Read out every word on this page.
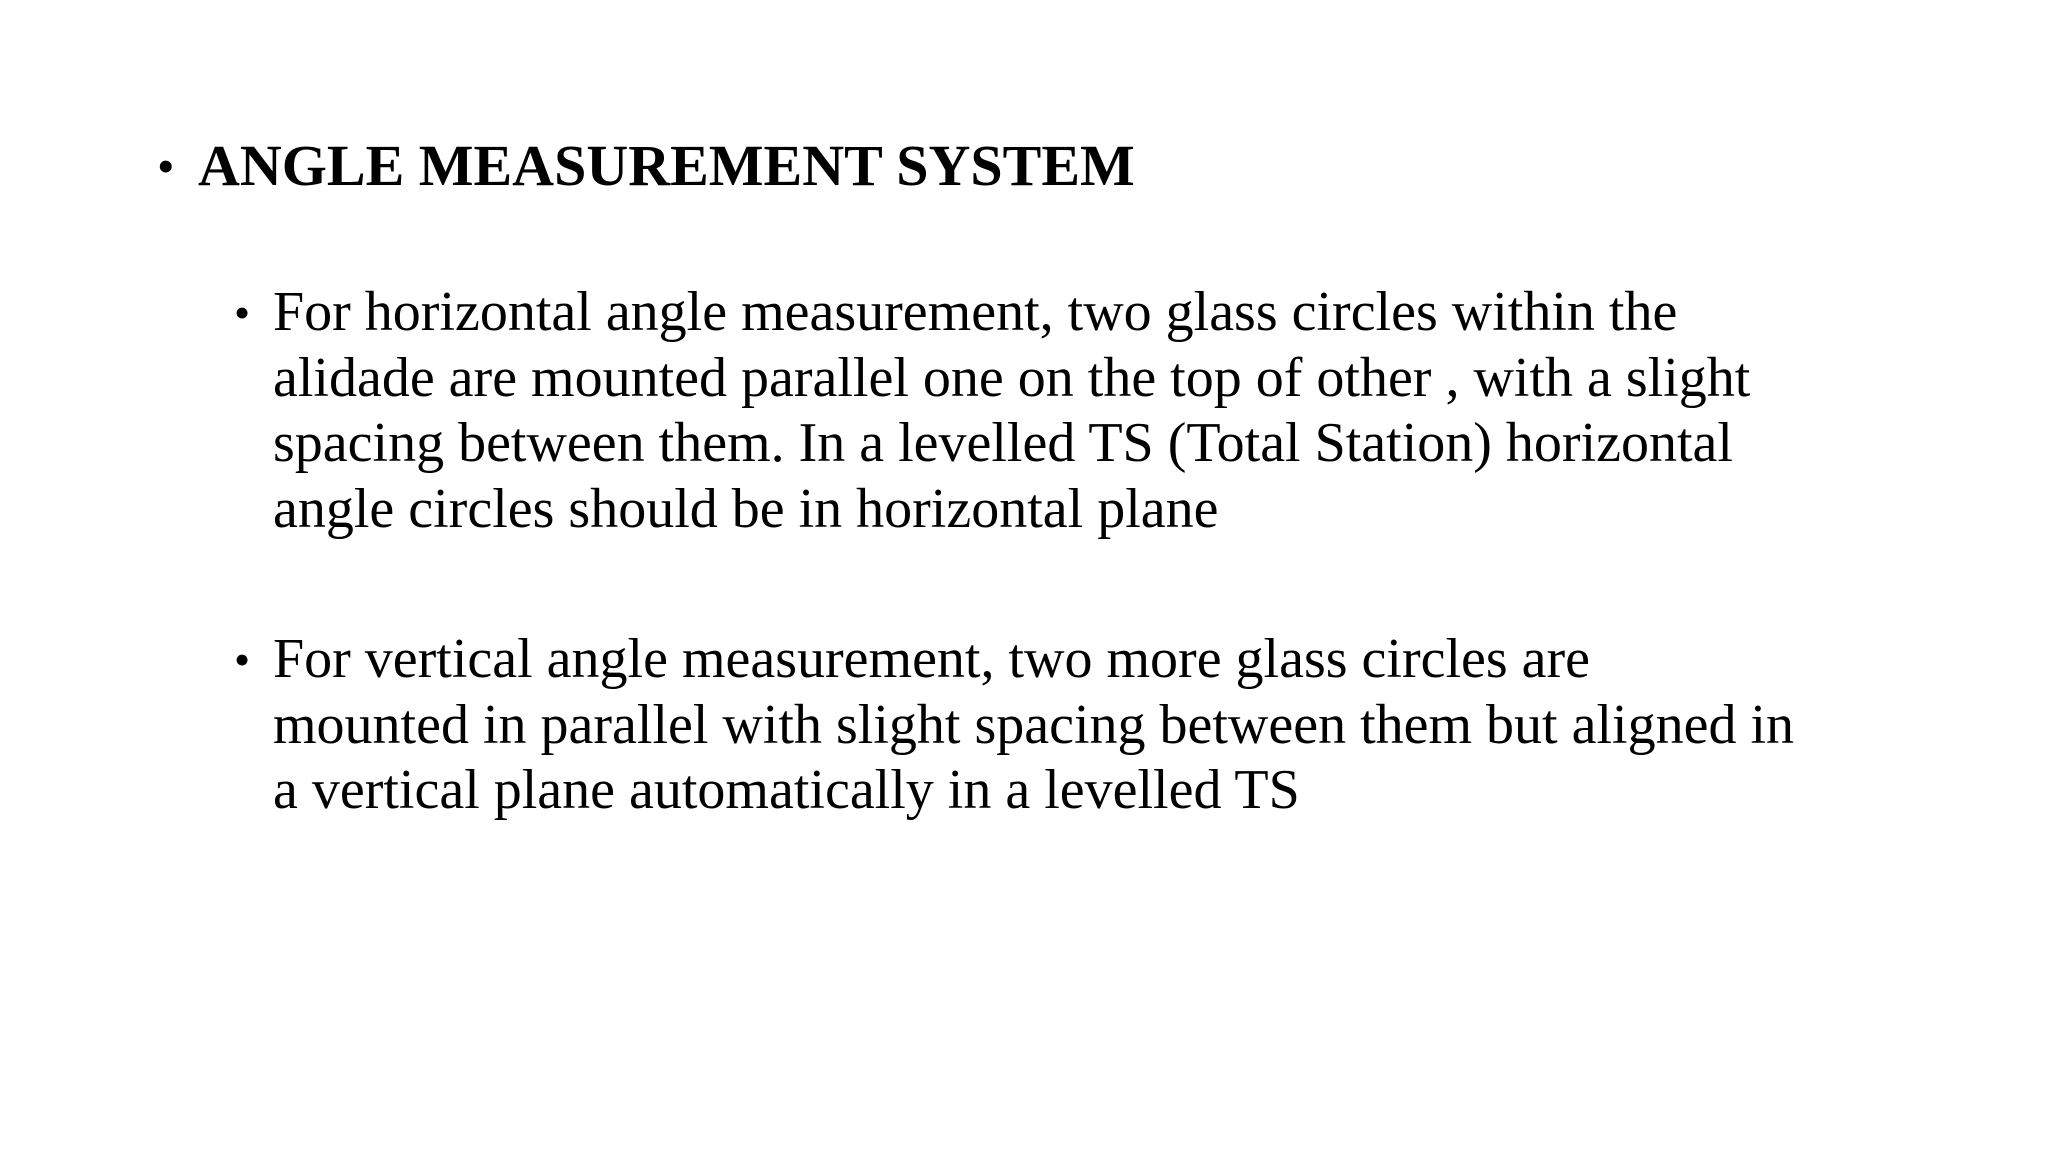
• ANGLE MEASUREMENT SYSTEM
• For horizontal angle measurement, two glass circles within the
alidade are mounted parallel one on the top of other , with a slight
spacing between them. In a levelled TS (Total Station) horizontal
angle circles should be in horizontal plane
• For vertical angle measurement, two more glass circles are
mounted in parallel with slight spacing between them but aligned in
a vertical plane automatically in a levelled TS
